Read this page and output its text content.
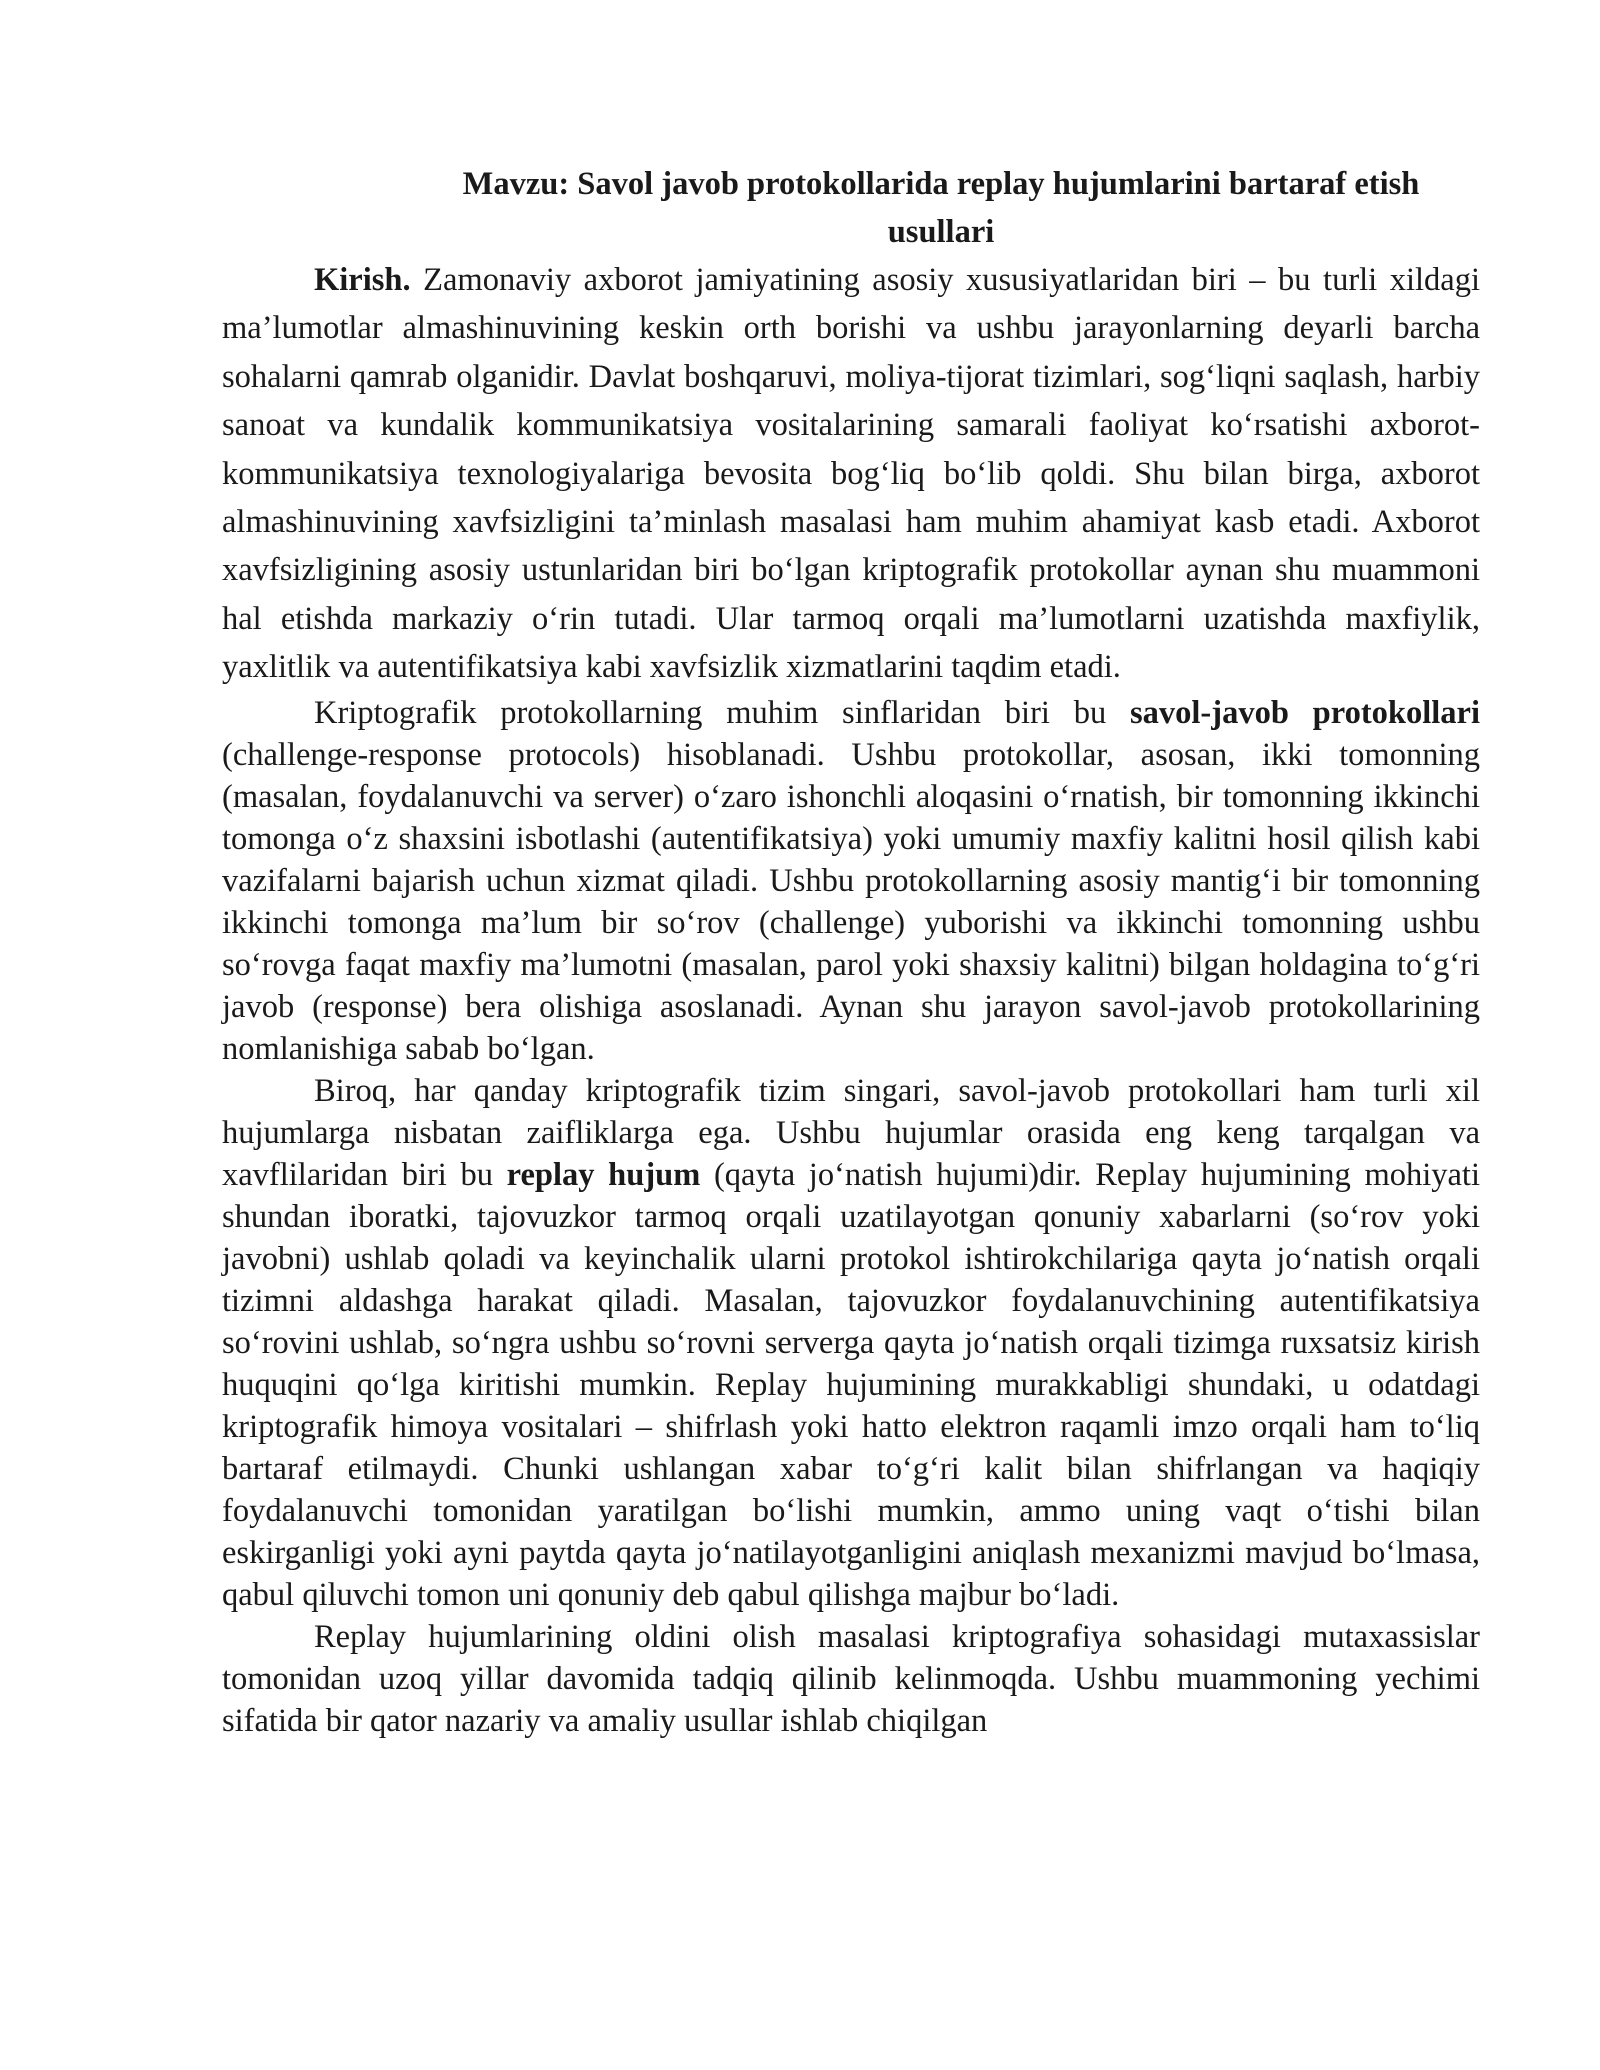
Mavzu: Savol javob protokollarida replay hujumlarini bartaraf etish
usullari

Kirish. Zamonaviy axborot jamiyatining asosiy xususiyatlaridan biri – bu turli xildagi ma’lumotlar almashinuvining keskin orth borishi va ushbu jarayonlarning deyarli barcha sohalarni qamrab olganidir. Davlat boshqaruvi, moliya-tijorat tizimlari, sog‘liqni saqlash, harbiy sanoat va kundalik kommunikatsiya vositalarining samarali faoliyat ko‘rsatishi axborot-kommunikatsiya texnologiyalariga bevosita bog‘liq bo‘lib qoldi. Shu bilan birga, axborot almashinuvining xavfsizligini ta’minlash masalasi ham muhim ahamiyat kasb etadi. Axborot xavfsizligining asosiy ustunlaridan biri bo‘lgan kriptografik protokollar aynan shu muammoni hal etishda markaziy o‘rin tutadi. Ular tarmoq orqali ma’lumotlarni uzatishda maxfiylik, yaxlitlik va autentifikatsiya kabi xavfsizlik xizmatlarini taqdim etadi.

Kriptografik protokollarning muhim sinflaridan biri bu savol-javob protokollari (challenge-response protocols) hisoblanadi. Ushbu protokollar, asosan, ikki tomonning (masalan, foydalanuvchi va server) o‘zaro ishonchli aloqasini o‘rnatish, bir tomonning ikkinchi tomonga o‘z shaxsini isbotlashi (autentifikatsiya) yoki umumiy maxfiy kalitni hosil qilish kabi vazifalarni bajarish uchun xizmat qiladi. Ushbu protokollarning asosiy mantig‘i bir tomonning ikkinchi tomonga ma’lum bir so‘rov (challenge) yuborishi va ikkinchi tomonning ushbu so‘rovga faqat maxfiy ma’lumotni (masalan, parol yoki shaxsiy kalitni) bilgan holdagina to‘g‘ri javob (response) bera olishiga asoslanadi. Aynan shu jarayon savol-javob protokollarining nomlanishiga sabab bo‘lgan.

Biroq, har qanday kriptografik tizim singari, savol-javob protokollari ham turli xil hujumlarga nisbatan zaifliklarga ega. Ushbu hujumlar orasida eng keng tarqalgan va xavflilaridan biri bu replay hujum (qayta jo‘natish hujumi)dir. Replay hujumining mohiyati shundan iboratki, tajovuzkor tarmoq orqali uzatilayotgan qonuniy xabarlarni (so‘rov yoki javobni) ushlab qoladi va keyinchalik ularni protokol ishtirokchilariga qayta jo‘natish orqali tizimni aldashga harakat qiladi. Masalan, tajovuzkor foydalanuvchining autentifikatsiya so‘rovini ushlab, so‘ngra ushbu so‘rovni serverga qayta jo‘natish orqali tizimga ruxsatsiz kirish huquqini qo‘lga kiritishi mumkin. Replay hujumining murakkabligi shundaki, u odatdagi kriptografik himoya vositalari – shifrlash yoki hatto elektron raqamli imzo orqali ham to‘liq bartaraf etilmaydi. Chunki ushlangan xabar to‘g‘ri kalit bilan shifrlangan va haqiqiy foydalanuvchi tomonidan yaratilgan bo‘lishi mumkin, ammo uning vaqt o‘tishi bilan eskirganligi yoki ayni paytda qayta jo‘natilayotganligini aniqlash mexanizmi mavjud bo‘lmasa, qabul qiluvchi tomon uni qonuniy deb qabul qilishga majbur bo‘ladi.

Replay hujumlarining oldini olish masalasi kriptografiya sohasidagi mutaxassislar tomonidan uzoq yillar davomida tadqiq qilinib kelinmoqda. Ushbu muammoning yechimi sifatida bir qator nazariy va amaliy usullar ishlab chiqilgan
